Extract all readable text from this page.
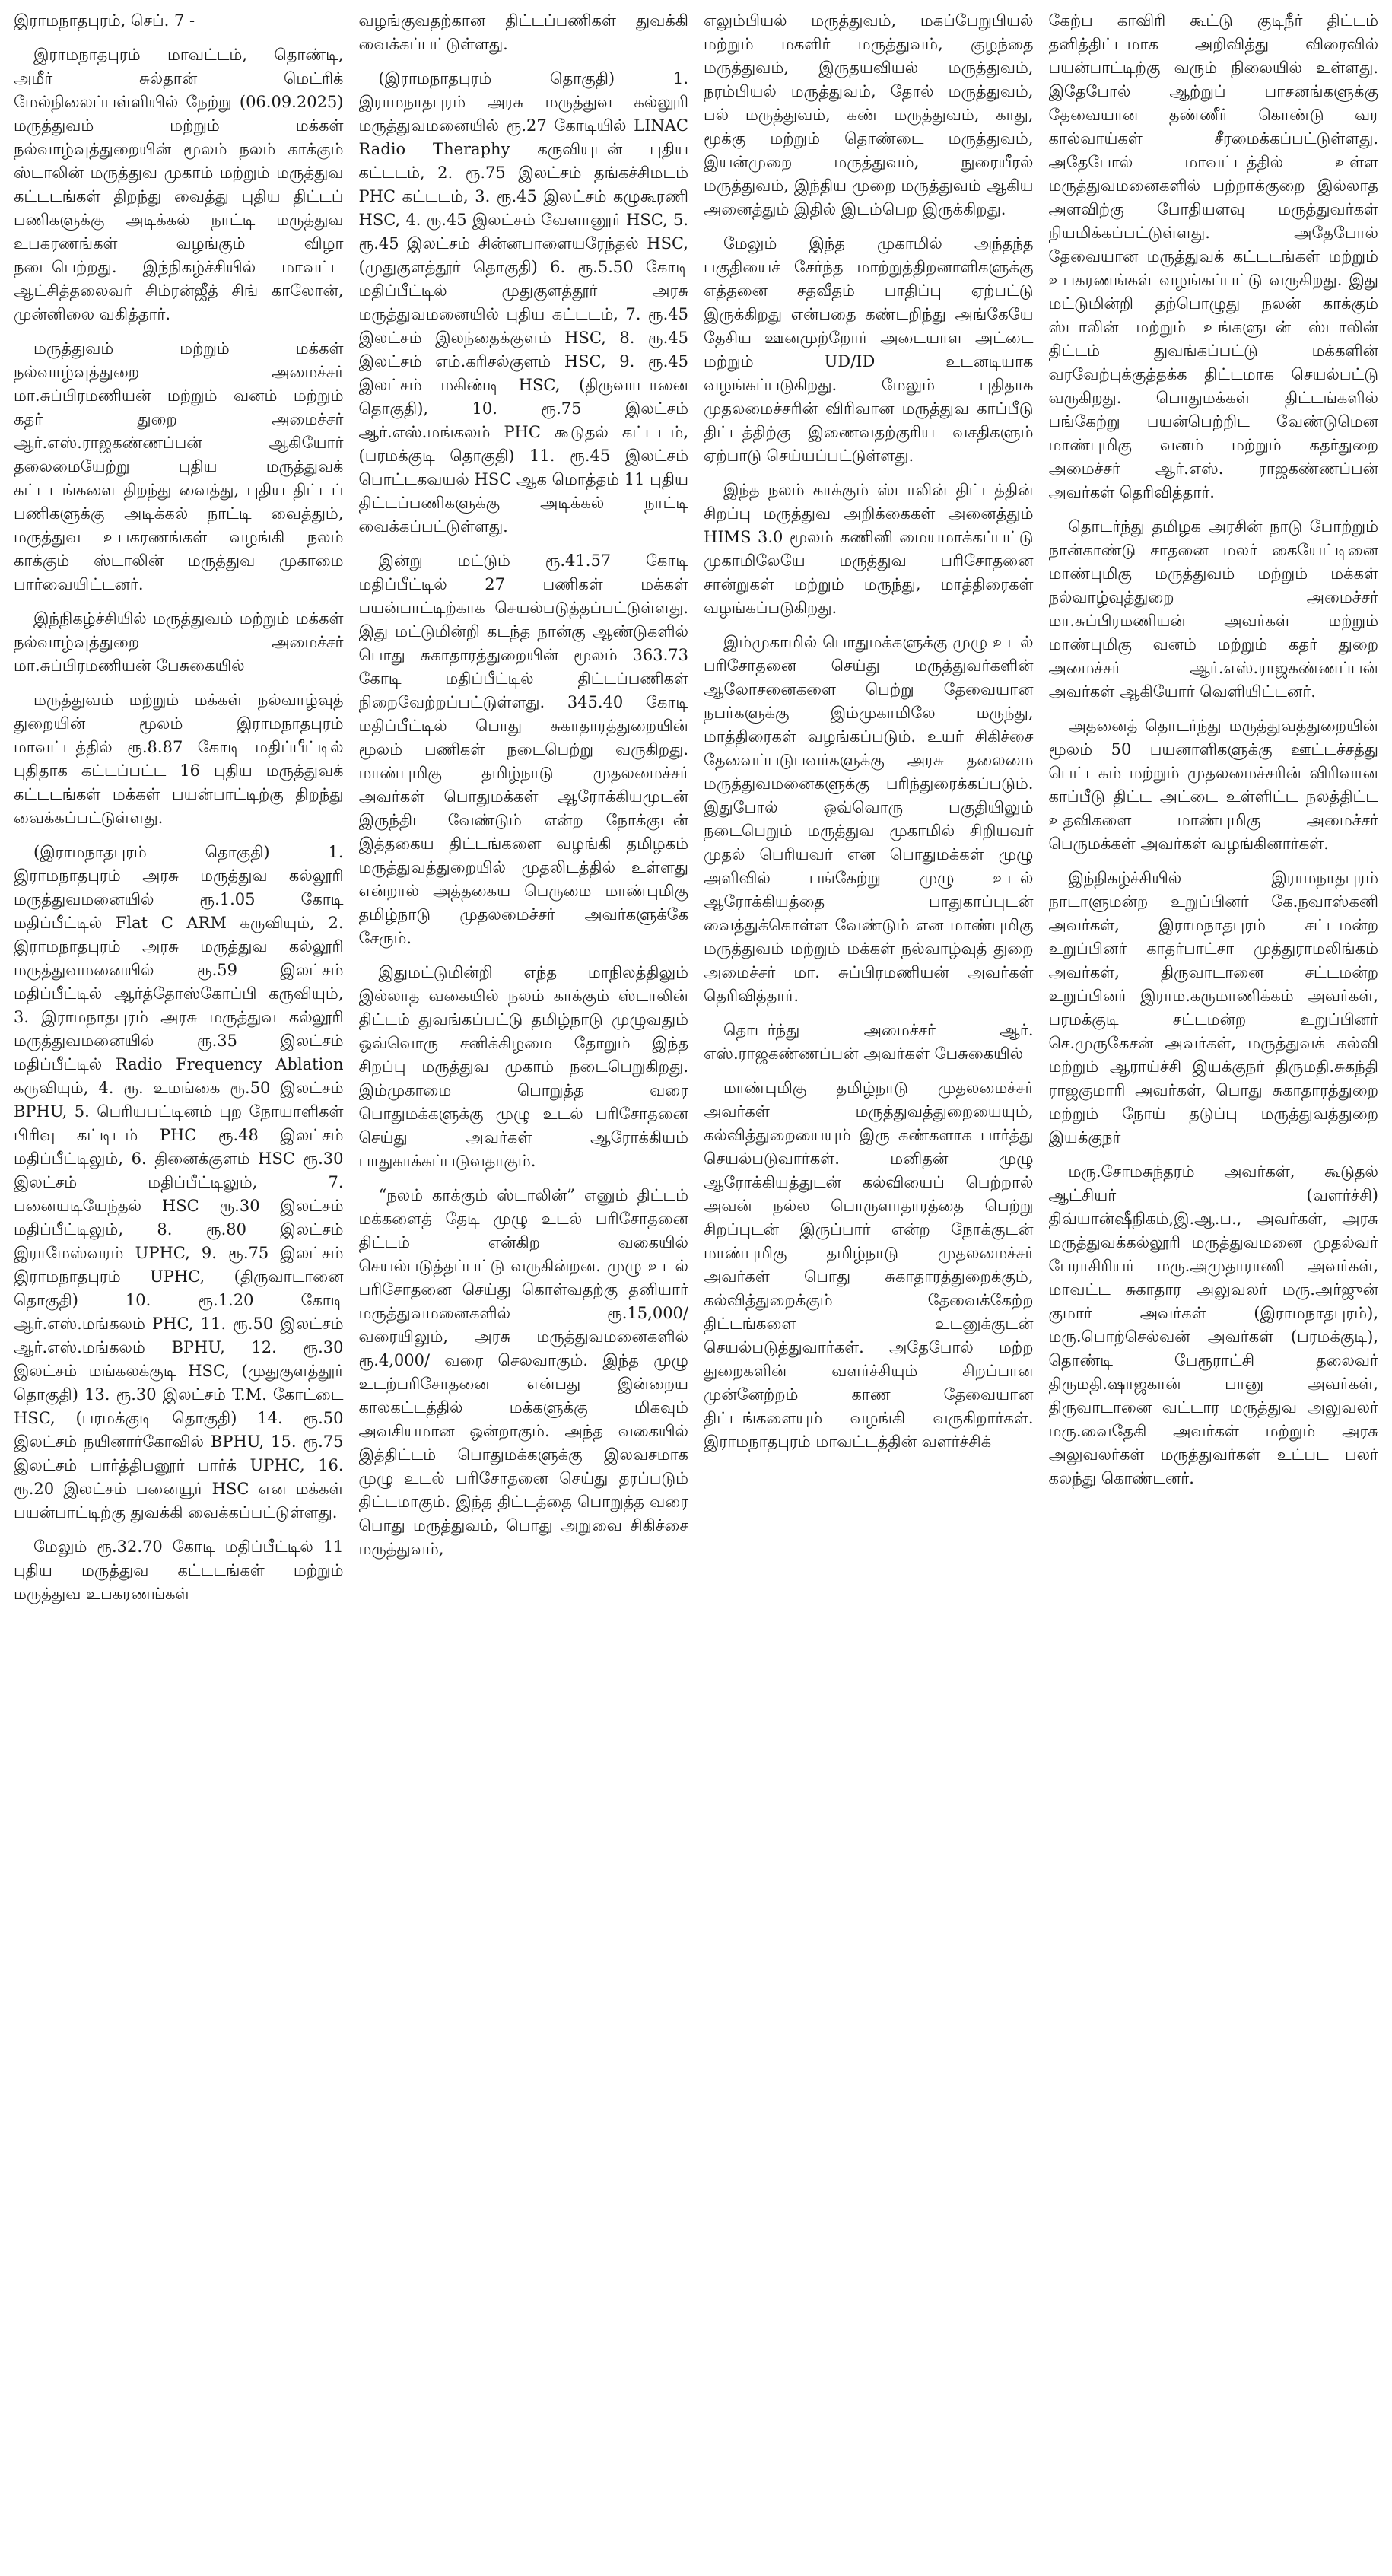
இராமநாதபுரம், செப். 7 -

இராமநாதபுரம் மாவட்டம், தொண்டி, அமீர் சுல்தான் மெட்ரிக் மேல்நிலைப்பள்ளியில் நேற்று (06.09.2025) மருத்துவம் மற்றும் மக்கள் நல்வாழ்வுத்துறையின் மூலம் நலம் காக்கும் ஸ்டாலின் மருத்துவ முகாம் மற்றும் மருத்துவ கட்டடங்கள் திறந்து வைத்து புதிய திட்டப் பணிகளுக்கு அடிக்கல் நாட்டி மருத்துவ உபகரணங்கள் வழங்கும் விழா நடைபெற்றது. இந்நிகழ்ச்சியில் மாவட்ட ஆட்சித்தலைவர் சிம்ரன்ஜீத் சிங் காலோன், முன்னிலை வகித்தார்.

மருத்துவம் மற்றும் மக்கள் நல்வாழ்வுத்துறை அமைச்சர் மா.சுப்பிரமணியன் மற்றும் வனம் மற்றும் கதர் துறை அமைச்சர் ஆர்.எஸ்.ராஜகண்ணப்பன் ஆகியோர் தலைமையேற்று புதிய மருத்துவக் கட்டடங்களை திறந்து வைத்து, புதிய திட்டப் பணிகளுக்கு அடிக்கல் நாட்டி வைத்தும், மருத்துவ உபகரணங்கள் வழங்கி நலம் காக்கும் ஸ்டாலின் மருத்துவ முகாமை பார்வையிட்டனர்.

இந்நிகழ்ச்சியில் மருத்துவம் மற்றும் மக்கள் நல்வாழ்வுத்துறை அமைச்சர் மா.சுப்பிரமணியன் பேசுகையில்

மருத்துவம் மற்றும் மக்கள் நல்வாழ்வுத் துறையின் மூலம் இராமநாதபுரம் மாவட்டத்தில் ரூ.8.87 கோடி மதிப்பீட்டில் புதிதாக கட்டப்பட்ட 16 புதிய மருத்துவக் கட்டடங்கள் மக்கள் பயன்பாட்டிற்கு திறந்து வைக்கப்பட்டுள்ளது.

(இராமநாதபுரம் தொகுதி) 1. இராமநாதபுரம் அரசு மருத்துவ கல்லூரி மருத்துவமனையில் ரூ.1.05 கோடி மதிப்பீட்டில் Flat C ARM கருவியும், 2. இராமநாதபுரம் அரசு மருத்துவ கல்லூரி மருத்துவமனையில் ரூ.59 இலட்சம் மதிப்பீட்டில் ஆர்த்தோஸ்கோப்பி கருவியும், 3. இராமநாதபுரம் அரசு மருத்துவ கல்லூரி மருத்துவமனையில் ரூ.35 இலட்சம் மதிப்பீட்டில் Radio Frequency Ablation கருவியும், 4. ரூ. உமங்கை ரூ.50 இலட்சம் BPHU, 5. பெரியபட்டினம் புற நோயாளிகள் பிரிவு கட்டிடம் PHC ரூ.48 இலட்சம் மதிப்பீட்டிலும், 6. தினைக்குளம் HSC ரூ.30 இலட்சம் மதிப்பீட்டிலும், 7. பனையடியேந்தல் HSC ரூ.30 இலட்சம் மதிப்பீட்டிலும், 8. ரூ.80 இலட்சம் இராமேஸ்வரம் UPHC, 9. ரூ.75 இலட்சம் இராமநாதபுரம் UPHC, (திருவாடானை தொகுதி) 10. ரூ.1.20 கோடி ஆர்.எஸ்.மங்கலம் PHC, 11. ரூ.50 இலட்சம் ஆர்.எஸ்.மங்கலம் BPHU, 12. ரூ.30 இலட்சம் மங்கலக்குடி HSC, (முதுகுளத்தூர் தொகுதி) 13. ரூ.30 இலட்சம் T.M. கோட்டை HSC, (பரமக்குடி தொகுதி) 14. ரூ.50 இலட்சம் நயினார்கோவில் BPHU, 15. ரூ.75 இலட்சம் பார்த்திபனூர் பார்க் UPHC, 16. ரூ.20 இலட்சம் பனையூர் HSC என மக்கள் பயன்பாட்டிற்கு துவக்கி வைக்கப்பட்டுள்ளது.

மேலும் ரூ.32.70 கோடி மதிப்பீட்டில் 11 புதிய மருத்துவ கட்டடங்கள் மற்றும் மருத்துவ உபகரணங்கள்

வழங்குவதற்கான திட்டப்பணிகள் துவக்கி வைக்கப்பட்டுள்ளது.

(இராமநாதபுரம் தொகுதி) 1. இராமநாதபுரம் அரசு மருத்துவ கல்லூரி மருத்துவமனையில் ரூ.27 கோடியில் LINAC Radio Theraphy கருவியுடன் புதிய கட்டடம், 2. ரூ.75 இலட்சம் தங்கச்சிமடம் PHC கட்டடம், 3. ரூ.45 இலட்சம் கழுகூரணி HSC, 4. ரூ.45 இலட்சம் வேளானூர் HSC, 5. ரூ.45 இலட்சம் சின்னபாளையரேந்தல் HSC, (முதுகுளத்தூர் தொகுதி) 6. ரூ.5.50 கோடி மதிப்பீட்டில் முதுகுளத்தூர் அரசு மருத்துவமனையில் புதிய கட்டடம், 7. ரூ.45 இலட்சம் இலந்தைக்குளம் HSC, 8. ரூ.45 இலட்சம் எம்.கரிசல்குளம் HSC, 9. ரூ.45 இலட்சம் மகிண்டி HSC, (திருவாடானை தொகுதி), 10. ரூ.75 இலட்சம் ஆர்.எஸ்.மங்கலம் PHC கூடுதல் கட்டடம், (பரமக்குடி தொகுதி) 11. ரூ.45 இலட்சம் பொட்டகவயல் HSC ஆக மொத்தம் 11 புதிய திட்டப்பணிகளுக்கு அடிக்கல் நாட்டி வைக்கப்பட்டுள்ளது.

இன்று மட்டும் ரூ.41.57 கோடி மதிப்பீட்டில் 27 பணிகள் மக்கள் பயன்பாட்டிற்காக செயல்படுத்தப்பட்டுள்ளது. இது மட்டுமின்றி கடந்த நான்கு ஆண்டுகளில் பொது சுகாதாரத்துறையின் மூலம் 363.73 கோடி மதிப்பீட்டில் திட்டப்பணிகள் நிறைவேற்றப்பட்டுள்ளது. 345.40 கோடி மதிப்பீட்டில் பொது சுகாதாரத்துறையின் மூலம் பணிகள் நடைபெற்று வருகிறது. மாண்புமிகு தமிழ்நாடு முதலமைச்சர் அவர்கள் பொதுமக்கள் ஆரோக்கியமுடன் இருந்திட வேண்டும் என்ற நோக்குடன் இத்தகைய திட்டங்களை வழங்கி தமிழகம் மருத்துவத்துறையில் முதலிடத்தில் உள்ளது என்றால் அத்தகைய பெருமை மாண்புமிகு தமிழ்நாடு முதலமைச்சர் அவர்களுக்கே சேரும்.

இதுமட்டுமின்றி எந்த மாநிலத்திலும் இல்லாத வகையில் நலம் காக்கும் ஸ்டாலின் திட்டம் துவங்கப்பட்டு தமிழ்நாடு முழுவதும் ஒவ்வொரு சனிக்கிழமை தோறும் இந்த சிறப்பு மருத்துவ முகாம் நடைபெறுகிறது. இம்முகாமை பொறுத்த வரை பொதுமக்களுக்கு முழு உடல் பரிசோதனை செய்து அவர்கள் ஆரோக்கியம் பாதுகாக்கப்படுவதாகும்.

“நலம் காக்கும் ஸ்டாலின்” எனும் திட்டம் மக்களைத் தேடி முழு உடல் பரிசோதனை திட்டம் என்கிற வகையில் செயல்படுத்தப்பட்டு வருகின்றன. முழு உடல் பரிசோதனை செய்து கொள்வதற்கு தனியார் மருத்துவமனைகளில் ரூ.15,000/ வரையிலும், அரசு மருத்துவமனைகளில் ரூ.4,000/ வரை செலவாகும். இந்த முழு உடற்பரிசோதனை என்பது இன்றைய காலகட்டத்தில் மக்களுக்கு மிகவும் அவசியமான ஒன்றாகும். அந்த வகையில் இத்திட்டம் பொதுமக்களுக்கு இலவசமாக முழு உடல் பரிசோதனை செய்து தரப்படும் திட்டமாகும். இந்த திட்டத்தை பொறுத்த வரை பொது மருத்துவம், பொது அறுவை சிகிச்சை மருத்துவம்,

எலும்பியல் மருத்துவம், மகப்பேறுபியல் மற்றும் மகளிர் மருத்துவம், குழந்தை மருத்துவம், இருதயவியல் மருத்துவம், நரம்பியல் மருத்துவம், தோல் மருத்துவம், பல் மருத்துவம், கண் மருத்துவம், காது, மூக்கு மற்றும் தொண்டை மருத்துவம், இயன்முறை மருத்துவம், நுரையீரல் மருத்துவம், இந்திய முறை மருத்துவம் ஆகிய அனைத்தும் இதில் இடம்பெற இருக்கிறது.

மேலும் இந்த முகாமில் அந்தந்த பகுதியைச் சேர்ந்த மாற்றுத்திறனாளிகளுக்கு எத்தனை சதவீதம் பாதிப்பு ஏற்பட்டு இருக்கிறது என்பதை கண்டறிந்து அங்கேயே தேசிய ஊனமுற்றோர் அடையாள அட்டை மற்றும் UD/ID உடனடியாக வழங்கப்படுகிறது. மேலும் புதிதாக முதலமைச்சரின் விரிவான மருத்துவ காப்பீடு திட்டத்திற்கு இணைவதற்குரிய வசதிகளும் ஏற்பாடு செய்யப்பட்டுள்ளது.

இந்த நலம் காக்கும் ஸ்டாலின் திட்டத்தின் சிறப்பு மருத்துவ அறிக்கைகள் அனைத்தும் HIMS 3.0 மூலம் கணினி மையமாக்கப்பட்டு முகாமிலேயே மருத்துவ பரிசோதனை சான்றுகள் மற்றும் மருந்து, மாத்திரைகள் வழங்கப்படுகிறது.

இம்முகாமில் பொதுமக்களுக்கு முழு உடல் பரிசோதனை செய்து மருத்துவர்களின் ஆலோசனைகளை பெற்று தேவையான நபர்களுக்கு இம்முகாமிலே மருந்து, மாத்திரைகள் வழங்கப்படும். உயர் சிகிச்சை தேவைப்படுபவர்களுக்கு அரசு தலைமை மருத்துவமனைகளுக்கு பரிந்துரைக்கப்படும். இதுபோல் ஒவ்வொரு பகுதியிலும் நடைபெறும் மருத்துவ முகாமில் சிறியவர் முதல் பெரியவர் என பொதுமக்கள் முழு அளிவில் பங்கேற்று முழு உடல் ஆரோக்கியத்தை பாதுகாப்புடன் வைத்துக்கொள்ள வேண்டும் என மாண்புமிகு மருத்துவம் மற்றும் மக்கள் நல்வாழ்வுத் துறை அமைச்சர் மா. சுப்பிரமணியன் அவர்கள் தெரிவித்தார்.

தொடர்ந்து அமைச்சர் ஆர். எஸ்.ராஜகண்ணப்பன் அவர்கள் பேசுகையில்

மாண்புமிகு தமிழ்நாடு முதலமைச்சர் அவர்கள் மருத்துவத்துறையையும், கல்வித்துறையையும் இரு கண்களாக பார்த்து செயல்படுவார்கள். மனிதன் முழு ஆரோக்கியத்துடன் கல்வியைப் பெற்றால் அவன் நல்ல பொருளாதாரத்தை பெற்று சிறப்புடன் இருப்பார் என்ற நோக்குடன் மாண்புமிகு தமிழ்நாடு முதலமைச்சர் அவர்கள் பொது சுகாதாரத்துறைக்கும், கல்வித்துறைக்கும் தேவைக்கேற்ற திட்டங்களை உடனுக்குடன் செயல்படுத்துவார்கள். அதேபோல் மற்ற துறைகளின் வளர்ச்சியும் சிறப்பான முன்னேற்றம் காண தேவையான திட்டங்களையும் வழங்கி வருகிறார்கள். இராமநாதபுரம் மாவட்டத்தின் வளர்ச்சிக்

கேற்ப காவிரி கூட்டு குடிநீர் திட்டம் தனித்திட்டமாக அறிவித்து விரைவில் பயன்பாட்டிற்கு வரும் நிலையில் உள்ளது. இதேபோல் ஆற்றுப் பாசனங்களுக்கு தேவையான தண்ணீர் கொண்டு வர கால்வாய்கள் சீரமைக்கப்பட்டுள்ளது. அதேபோல் மாவட்டத்தில் உள்ள மருத்துவமனைகளில் பற்றாக்குறை இல்லாத அளவிற்கு போதியளவு மருத்துவர்கள் நியமிக்கப்பட்டுள்ளது. அதேபோல் தேவையான மருத்துவக் கட்டடங்கள் மற்றும் உபகரணங்கள் வழங்கப்பட்டு வருகிறது. இது மட்டுமின்றி தற்பொழுது நலன் காக்கும் ஸ்டாலின் மற்றும் உங்களுடன் ஸ்டாலின் திட்டம் துவங்கப்பட்டு மக்களின் வரவேற்புக்குத்தக்க திட்டமாக செயல்பட்டு வருகிறது. பொதுமக்கள் திட்டங்களில் பங்கேற்று பயன்பெற்றிட வேண்டுமென மாண்புமிகு வனம் மற்றும் கதர்துறை அமைச்சர் ஆர்.எஸ். ராஜகண்ணப்பன் அவர்கள் தெரிவித்தார்.

தொடர்ந்து தமிழக அரசின் நாடு போற்றும் நான்காண்டு சாதனை மலர் கையேட்டினை மாண்புமிகு மருத்துவம் மற்றும் மக்கள் நல்வாழ்வுத்துறை அமைச்சர் மா.சுப்பிரமணியன் அவர்கள் மற்றும் மாண்புமிகு வனம் மற்றும் கதர் துறை அமைச்சர் ஆர்.எஸ்.ராஜகண்ணப்பன் அவர்கள் ஆகியோர் வெளியிட்டனர்.

அதனைத் தொடர்ந்து மருத்துவத்துறையின் மூலம் 50 பயனாளிகளுக்கு ஊட்டச்சத்து பெட்டகம் மற்றும் முதலமைச்சரின் விரிவான காப்பீடு திட்ட அட்டை உள்ளிட்ட நலத்திட்ட உதவிகளை மாண்புமிகு அமைச்சர் பெருமக்கள் அவர்கள் வழங்கினார்கள்.

இந்நிகழ்ச்சியில் இராமநாதபுரம் நாடாளுமன்ற உறுப்பினர் கே.நவாஸ்கனி அவர்கள், இராமநாதபுரம் சட்டமன்ற உறுப்பினர் காதர்பாட்சா முத்துராமலிங்கம் அவர்கள், திருவாடானை சட்டமன்ற உறுப்பினர் இராம.கருமாணிக்கம் அவர்கள், பரமக்குடி சட்டமன்ற உறுப்பினர் செ.முருகேசன் அவர்கள், மருத்துவக் கல்வி மற்றும் ஆராய்ச்சி இயக்குநர் திருமதி.சுகந்தி ராஜகுமாரி அவர்கள், பொது சுகாதாரத்துறை மற்றும் நோய் தடுப்பு மருத்துவத்துறை இயக்குநர்

மரு.சோமசுந்தரம் அவர்கள், கூடுதல் ஆட்சியர் (வளர்ச்சி) திவ்யான்ஷீநிகம்,இ.ஆ.ப., அவர்கள், அரசு மருத்துவக்கல்லூரி மருத்துவமனை முதல்வர் பேராசிரியர் மரு.அமுதாராணி அவர்கள், மாவட்ட சுகாதார அலுவலர் மரு.அர்ஜுன் குமார் அவர்கள் (இராமநாதபுரம்), மரு.பொற்செல்வன் அவர்கள் (பரமக்குடி), தொண்டி பேரூராட்சி தலைவர் திருமதி.ஷாஜகான் பானு அவர்கள், திருவாடானை வட்டார மருத்துவ அலுவலர் மரு.வைதேகி அவர்கள் மற்றும் அரசு அலுவலர்கள் மருத்துவர்கள் உட்பட பலர் கலந்து கொண்டனர்.
